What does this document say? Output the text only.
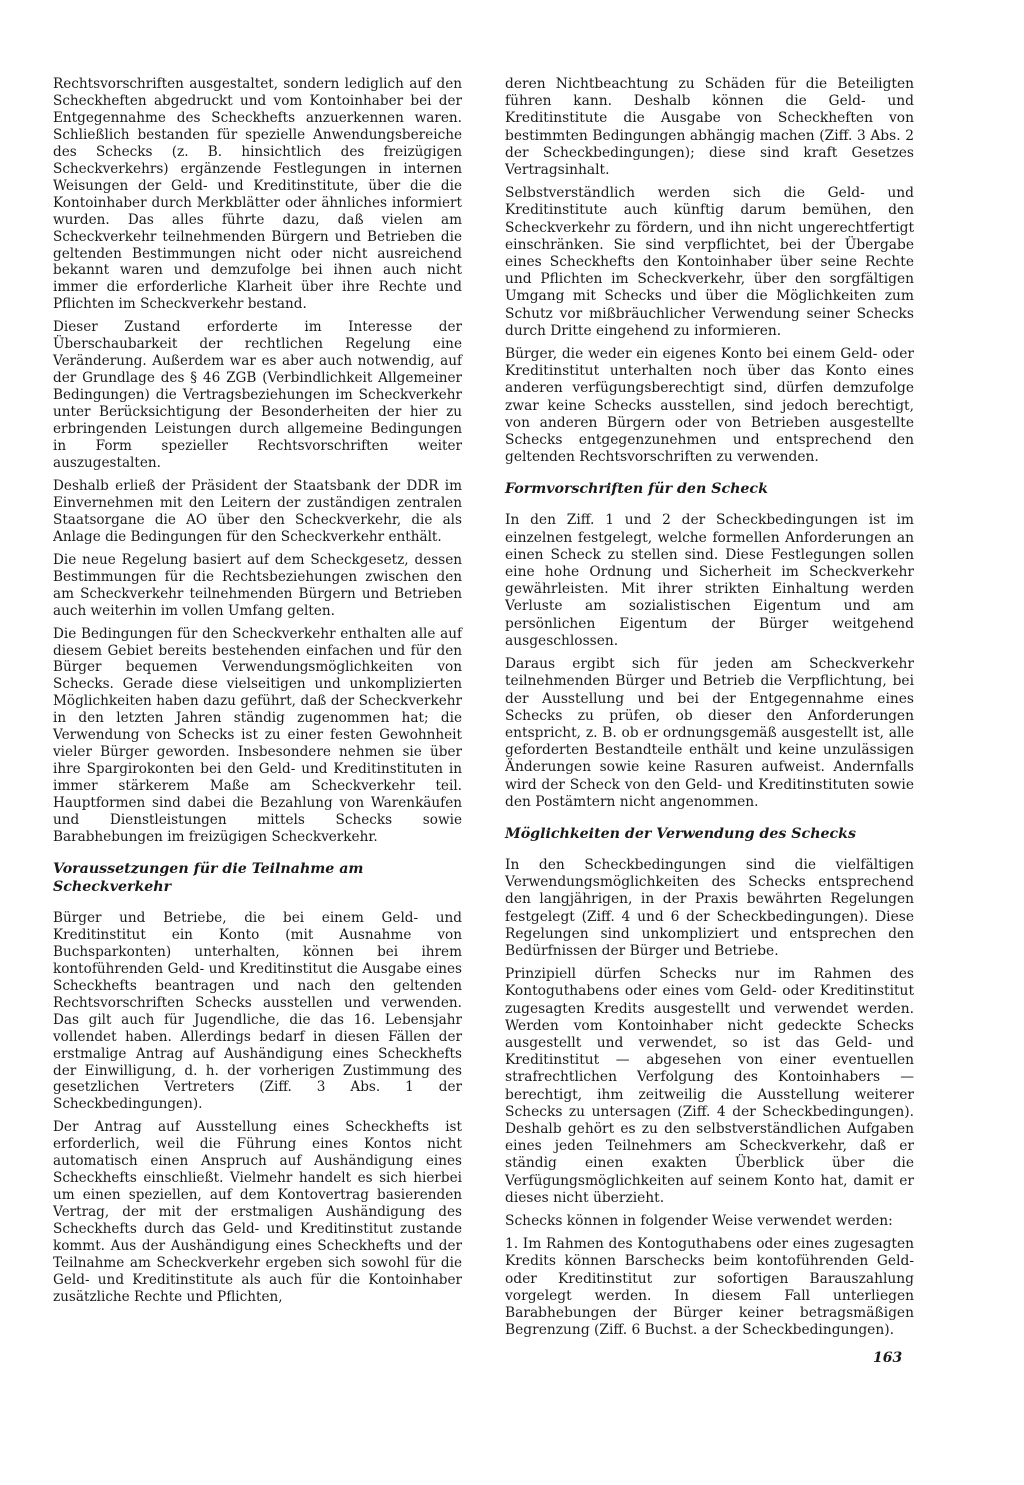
Rechtsvorschriften ausgestaltet, sondern lediglich auf den Scheckheften abgedruckt und vom Kontoinhaber bei der Entgegennahme des Scheckhefts anzuerkennen waren. Schließlich bestanden für spezielle Anwendungsbereiche des Schecks (z. B. hinsichtlich des freizügigen Scheckverkehrs) ergänzende Festlegungen in internen Weisungen der Geld- und Kreditinstitute, über die die Kontoinhaber durch Merkblätter oder ähnliches informiert wurden. Das alles führte dazu, daß vielen am Scheckverkehr teilnehmenden Bürgern und Betrieben die geltenden Bestimmungen nicht oder nicht ausreichend bekannt waren und demzufolge bei ihnen auch nicht immer die erforderliche Klarheit über ihre Rechte und Pflichten im Scheckverkehr bestand.

Dieser Zustand erforderte im Interesse der Überschaubarkeit der rechtlichen Regelung eine Veränderung. Außerdem war es aber auch notwendig, auf der Grundlage des § 46 ZGB (Verbindlichkeit Allgemeiner Bedingungen) die Vertragsbeziehungen im Scheckverkehr unter Berücksichtigung der Besonderheiten der hier zu erbringenden Leistungen durch allgemeine Bedingungen in Form spezieller Rechtsvorschriften weiter auszugestalten.

Deshalb erließ der Präsident der Staatsbank der DDR im Einvernehmen mit den Leitern der zuständigen zentralen Staatsorgane die AO über den Scheckverkehr, die als Anlage die Bedingungen für den Scheckverkehr enthält.

Die neue Regelung basiert auf dem Scheckgesetz, dessen Bestimmungen für die Rechtsbeziehungen zwischen den am Scheckverkehr teilnehmenden Bürgern und Betrieben auch weiterhin im vollen Umfang gelten.

Die Bedingungen für den Scheckverkehr enthalten alle auf diesem Gebiet bereits bestehenden einfachen und für den Bürger bequemen Verwendungsmöglichkeiten von Schecks. Gerade diese vielseitigen und unkomplizierten Möglichkeiten haben dazu geführt, daß der Scheckverkehr in den letzten Jahren ständig zugenommen hat; die Verwendung von Schecks ist zu einer festen Gewohnheit vieler Bürger geworden. Insbesondere nehmen sie über ihre Spargirokonten bei den Geld- und Kreditinstituten in immer stärkerem Maße am Scheckverkehr teil. Hauptformen sind dabei die Bezahlung von Warenkäufen und Dienstleistungen mittels Schecks sowie Barabhebungen im freizügigen Scheckverkehr.

Voraussetzungen für die Teilnahme am Scheckverkehr

Bürger und Betriebe, die bei einem Geld- und Kreditinstitut ein Konto (mit Ausnahme von Buchsparkonten) unterhalten, können bei ihrem kontoführenden Geld- und Kreditinstitut die Ausgabe eines Scheckhefts beantragen und nach den geltenden Rechtsvorschriften Schecks ausstellen und verwenden. Das gilt auch für Jugendliche, die das 16. Lebensjahr vollendet haben. Allerdings bedarf in diesen Fällen der erstmalige Antrag auf Aushändigung eines Scheckhefts der Einwilligung, d. h. der vorherigen Zustimmung des gesetzlichen Vertreters (Ziff. 3 Abs. 1 der Scheckbedingungen).

Der Antrag auf Ausstellung eines Scheckhefts ist erforderlich, weil die Führung eines Kontos nicht automatisch einen Anspruch auf Aushändigung eines Scheckhefts einschließt. Vielmehr handelt es sich hierbei um einen speziellen, auf dem Kontovertrag basierenden Vertrag, der mit der erstmaligen Aushändigung des Scheckhefts durch das Geld- und Kreditinstitut zustande kommt. Aus der Aushändigung eines Scheckhefts und der Teilnahme am Scheckverkehr ergeben sich sowohl für die Geld- und Kreditinstitute als auch für die Kontoinhaber zusätzliche Rechte und Pflichten,

deren Nichtbeachtung zu Schäden für die Beteiligten führen kann. Deshalb können die Geld- und Kreditinstitute die Ausgabe von Scheckheften von bestimmten Bedingungen abhängig machen (Ziff. 3 Abs. 2 der Scheckbedingungen); diese sind kraft Gesetzes Vertragsinhalt.

Selbstverständlich werden sich die Geld- und Kreditinstitute auch künftig darum bemühen, den Scheckverkehr zu fördern, und ihn nicht ungerechtfertigt einschränken. Sie sind verpflichtet, bei der Übergabe eines Scheckhefts den Kontoinhaber über seine Rechte und Pflichten im Scheckverkehr, über den sorgfältigen Umgang mit Schecks und über die Möglichkeiten zum Schutz vor mißbräuchlicher Verwendung seiner Schecks durch Dritte eingehend zu informieren.

Bürger, die weder ein eigenes Konto bei einem Geld- oder Kreditinstitut unterhalten noch über das Konto eines anderen verfügungsberechtigt sind, dürfen demzufolge zwar keine Schecks ausstellen, sind jedoch berechtigt, von anderen Bürgern oder von Betrieben ausgestellte Schecks entgegenzunehmen und entsprechend den geltenden Rechtsvorschriften zu verwenden.

Formvorschriften für den Scheck

In den Ziff. 1 und 2 der Scheckbedingungen ist im einzelnen festgelegt, welche formellen Anforderungen an einen Scheck zu stellen sind. Diese Festlegungen sollen eine hohe Ordnung und Sicherheit im Scheckverkehr gewährleisten. Mit ihrer strikten Einhaltung werden Verluste am sozialistischen Eigentum und am persönlichen Eigentum der Bürger weitgehend ausgeschlossen.

Daraus ergibt sich für jeden am Scheckverkehr teilnehmenden Bürger und Betrieb die Verpflichtung, bei der Ausstellung und bei der Entgegennahme eines Schecks zu prüfen, ob dieser den Anforderungen entspricht, z. B. ob er ordnungsgemäß ausgestellt ist, alle geforderten Bestandteile enthält und keine unzulässigen Änderungen sowie keine Rasuren aufweist. Andernfalls wird der Scheck von den Geld- und Kreditinstituten sowie den Postämtern nicht angenommen.

Möglichkeiten der Verwendung des Schecks

In den Scheckbedingungen sind die vielfältigen Verwendungsmöglichkeiten des Schecks entsprechend den langjährigen, in der Praxis bewährten Regelungen festgelegt (Ziff. 4 und 6 der Scheckbedingungen). Diese Regelungen sind unkompliziert und entsprechen den Bedürfnissen der Bürger und Betriebe.

Prinzipiell dürfen Schecks nur im Rahmen des Kontoguthabens oder eines vom Geld- oder Kreditinstitut zugesagten Kredits ausgestellt und verwendet werden. Werden vom Kontoinhaber nicht gedeckte Schecks ausgestellt und verwendet, so ist das Geld- und Kreditinstitut — abgesehen von einer eventuellen strafrechtlichen Verfolgung des Kontoinhabers — berechtigt, ihm zeitweilig die Ausstellung weiterer Schecks zu untersagen (Ziff. 4 der Scheckbedingungen). Deshalb gehört es zu den selbstverständlichen Aufgaben eines jeden Teilnehmers am Scheckverkehr, daß er ständig einen exakten Überblick über die Verfügungsmöglichkeiten auf seinem Konto hat, damit er dieses nicht überzieht.

Schecks können in folgender Weise verwendet werden:

1. Im Rahmen des Kontoguthabens oder eines zugesagten Kredits können Barschecks beim kontoführenden Geld- oder Kreditinstitut zur sofortigen Barauszahlung vorgelegt werden. In diesem Fall unterliegen Barabhebungen der Bürger keiner betragsmäßigen Begrenzung (Ziff. 6 Buchst. a der Scheckbedingungen).

163
